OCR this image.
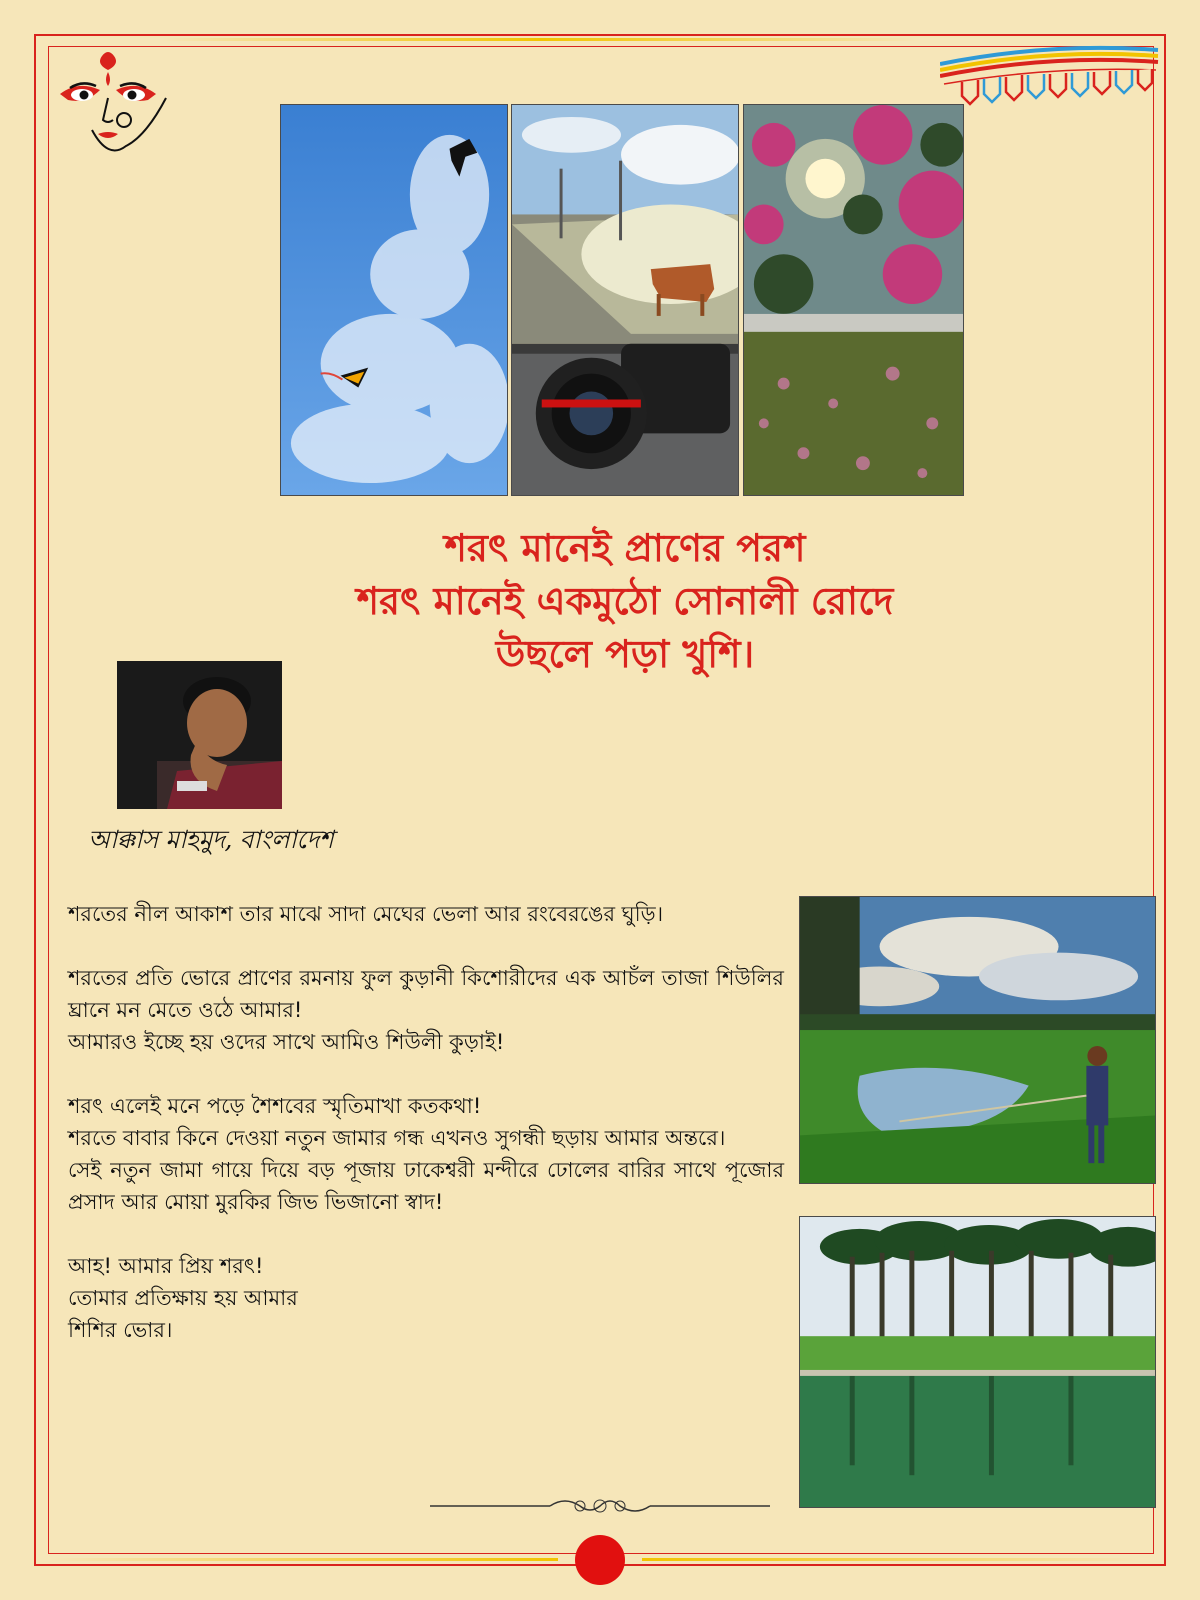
শরৎ মানেই প্রাণের পরশ
শরৎ মানেই একমুঠো সোনালী রোদে
উছলে পড়া খুশি।
আক্কাস মাহমুদ, বাংলাদেশ

শরতের নীল আকাশ তার মাঝে সাদা মেঘের ভেলা আর রংবেরঙের ঘুড়ি।

শরতের প্রতি ভোরে প্রাণের রমনায় ফুল কুড়ানী কিশোরীদের এক আচঁল তাজা শিউলির ঘ্রানে মন মেতে ওঠে আমার!
আমারও ইচ্ছে হয় ওদের সাথে আমিও শিউলী কুড়াই!

শরৎ এলেই মনে পড়ে শৈশবের স্মৃতিমাখা কতকথা!
শরতে বাবার কিনে দেওয়া নতুন জামার গন্ধ এখনও সুগন্ধী ছড়ায় আমার অন্তরে।
সেই নতুন জামা গায়ে দিয়ে বড় পূজায় ঢাকেশ্বরী মন্দীরে ঢোলের বারির সাথে পূজোর প্রসাদ আর মোয়া মুরকির জিভ ভিজানো স্বাদ!

আহ! আমার প্রিয় শরৎ!
তোমার প্রতিক্ষায় হয় আমার
শিশির ভোর।
